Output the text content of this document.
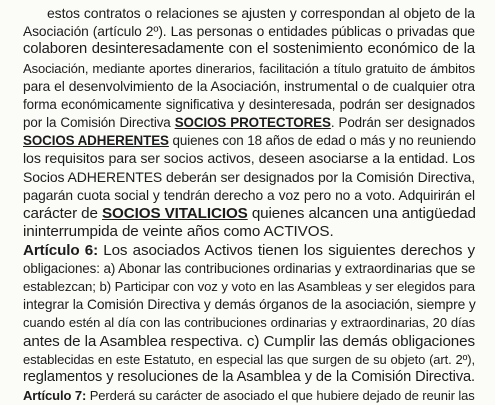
estos contratos o relaciones se ajusten y correspondan al objeto de la
Asociación (artículo 2º). Las personas o entidades públicas o privadas que
colaboren desinteresadamente con el sostenimiento económico de la
Asociación, mediante aportes dinerarios, facilitación a título gratuito de ámbitos
para el desenvolvimiento de la Asociación, instrumental o de cualquier otra
forma económicamente significativa y desinteresada, podrán ser designados
por la Comisión Directiva SOCIOS PROTECTORES. Podrán ser designados
SOCIOS ADHERENTES quienes con 18 años de edad o más y no reuniendo
los requisitos para ser socios activos, deseen asociarse a la entidad. Los
Socios ADHERENTES deberán ser designados por la Comisión Directiva,
pagarán cuota social y tendrán derecho a voz pero no a voto. Adquirirán el
carácter de SOCIOS VITALICIOS quienes alcancen una antigüedad
ininterrumpida de veinte años como ACTIVOS.
Artículo 6: Los asociados Activos tienen los siguientes derechos y
obligaciones: a) Abonar las contribuciones ordinarias y extraordinarias que se
establezcan; b) Participar con voz y voto en las Asambleas y ser elegidos para
integrar la Comisión Directiva y demás órganos de la asociación, siempre y
cuando estén al día con las contribuciones ordinarias y extraordinarias, 20 días
antes de la Asamblea respectiva. c) Cumplir las demás obligaciones
establecidas en este Estatuto, en especial las que surgen de su objeto (art. 2º),
reglamentos y resoluciones de la Asamblea y de la Comisión Directiva.
Artículo 7: Perderá su carácter de asociado el que hubiere dejado de reunir las
